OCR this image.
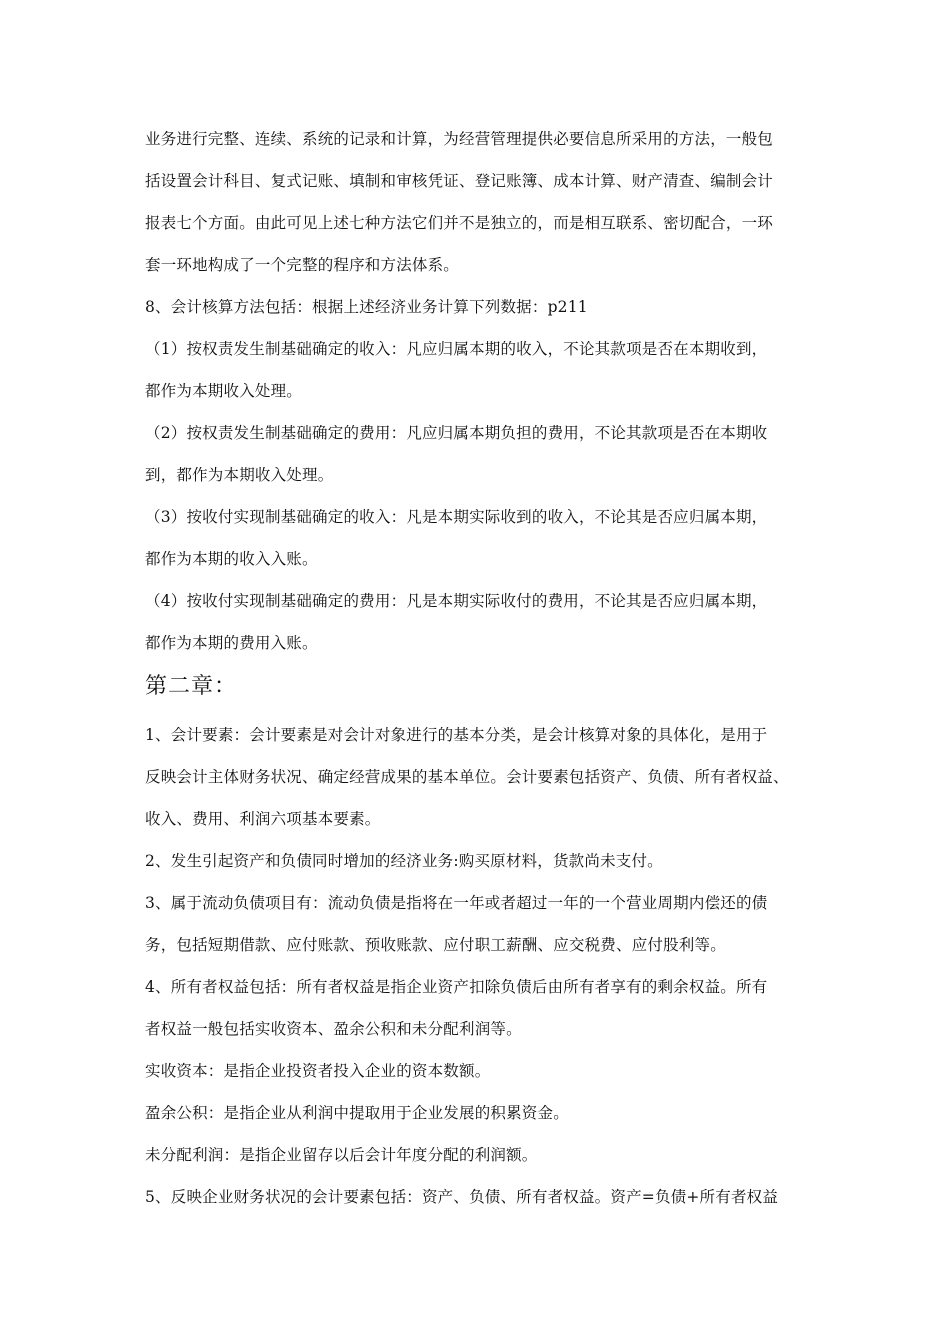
业务进行完整、连续、系统的记录和计算，为经营管理提供必要信息所采用的方法，一般包
括设置会计科目、复式记账、填制和审核凭证、登记账簿、成本计算、财产清查、编制会计
报表七个方面。由此可见上述七种方法它们并不是独立的，而是相互联系、密切配合，一环
套一环地构成了一个完整的程序和方法体系。
8、会计核算方法包括：根据上述经济业务计算下列数据：p211
（1）按权责发生制基础确定的收入：凡应归属本期的收入，不论其款项是否在本期收到，
都作为本期收入处理。
（2）按权责发生制基础确定的费用：凡应归属本期负担的费用，不论其款项是否在本期收
到，都作为本期收入处理。
（3）按收付实现制基础确定的收入：凡是本期实际收到的收入，不论其是否应归属本期，
都作为本期的收入入账。
（4）按收付实现制基础确定的费用：凡是本期实际收付的费用，不论其是否应归属本期，
都作为本期的费用入账。
第二章：
1、会计要素：会计要素是对会计对象进行的基本分类，是会计核算对象的具体化，是用于
反映会计主体财务状况、确定经营成果的基本单位。会计要素包括资产、负债、所有者权益、
收入、费用、利润六项基本要素。
2、发生引起资产和负债同时增加的经济业务:购买原材料，货款尚未支付。
3、属于流动负债项目有：流动负债是指将在一年或者超过一年的一个营业周期内偿还的债
务，包括短期借款、应付账款、预收账款、应付职工薪酬、应交税费、应付股利等。
4、所有者权益包括：所有者权益是指企业资产扣除负债后由所有者享有的剩余权益。所有
者权益一般包括实收资本、盈余公积和未分配利润等。
实收资本：是指企业投资者投入企业的资本数额。
盈余公积：是指企业从利润中提取用于企业发展的积累资金。
未分配利润：是指企业留存以后会计年度分配的利润额。
5、反映企业财务状况的会计要素包括：资产、负债、所有者权益。资产=负债+所有者权益
